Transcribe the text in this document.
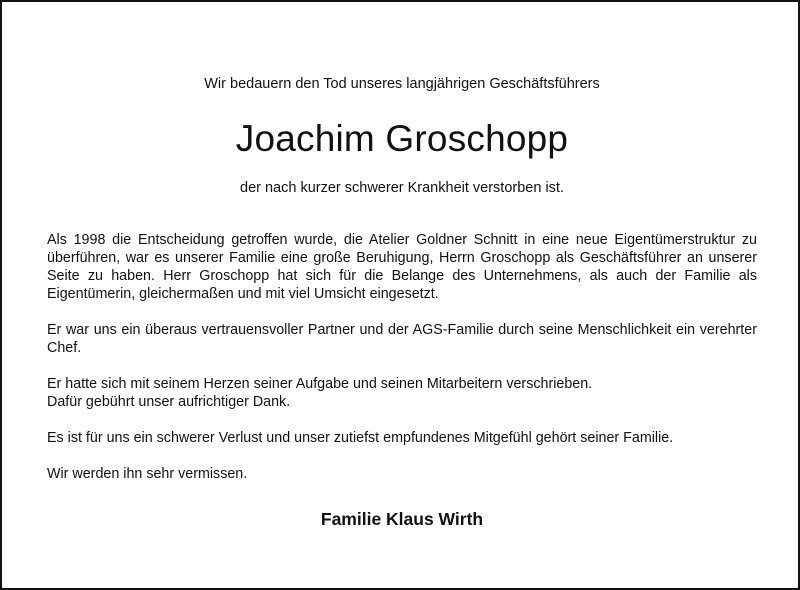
Wir bedauern den Tod unseres langjährigen Geschäftsführers
Joachim Groschopp
der nach kurzer schwerer Krankheit verstorben ist.

Als 1998 die Entscheidung getroffen wurde, die Atelier Goldner Schnitt in eine neue Eigentümerstruktur zu überführen, war es unserer Familie eine große Beruhigung, Herrn Groschopp als Geschäftsführer an unserer Seite zu haben. Herr Groschopp hat sich für die Belange des Unternehmens, als auch der Familie als Eigentümerin, gleichermaßen und mit viel Umsicht eingesetzt.

Er war uns ein überaus vertrauensvoller Partner und der AGS-Familie durch seine Menschlichkeit ein verehrter Chef.

Er hatte sich mit seinem Herzen seiner Aufgabe und seinen Mitarbeitern verschrieben.
Dafür gebührt unser aufrichtiger Dank.

Es ist für uns ein schwerer Verlust und unser zutiefst empfundenes Mitgefühl gehört seiner Familie.

Wir werden ihn sehr vermissen.

Familie Klaus Wirth
